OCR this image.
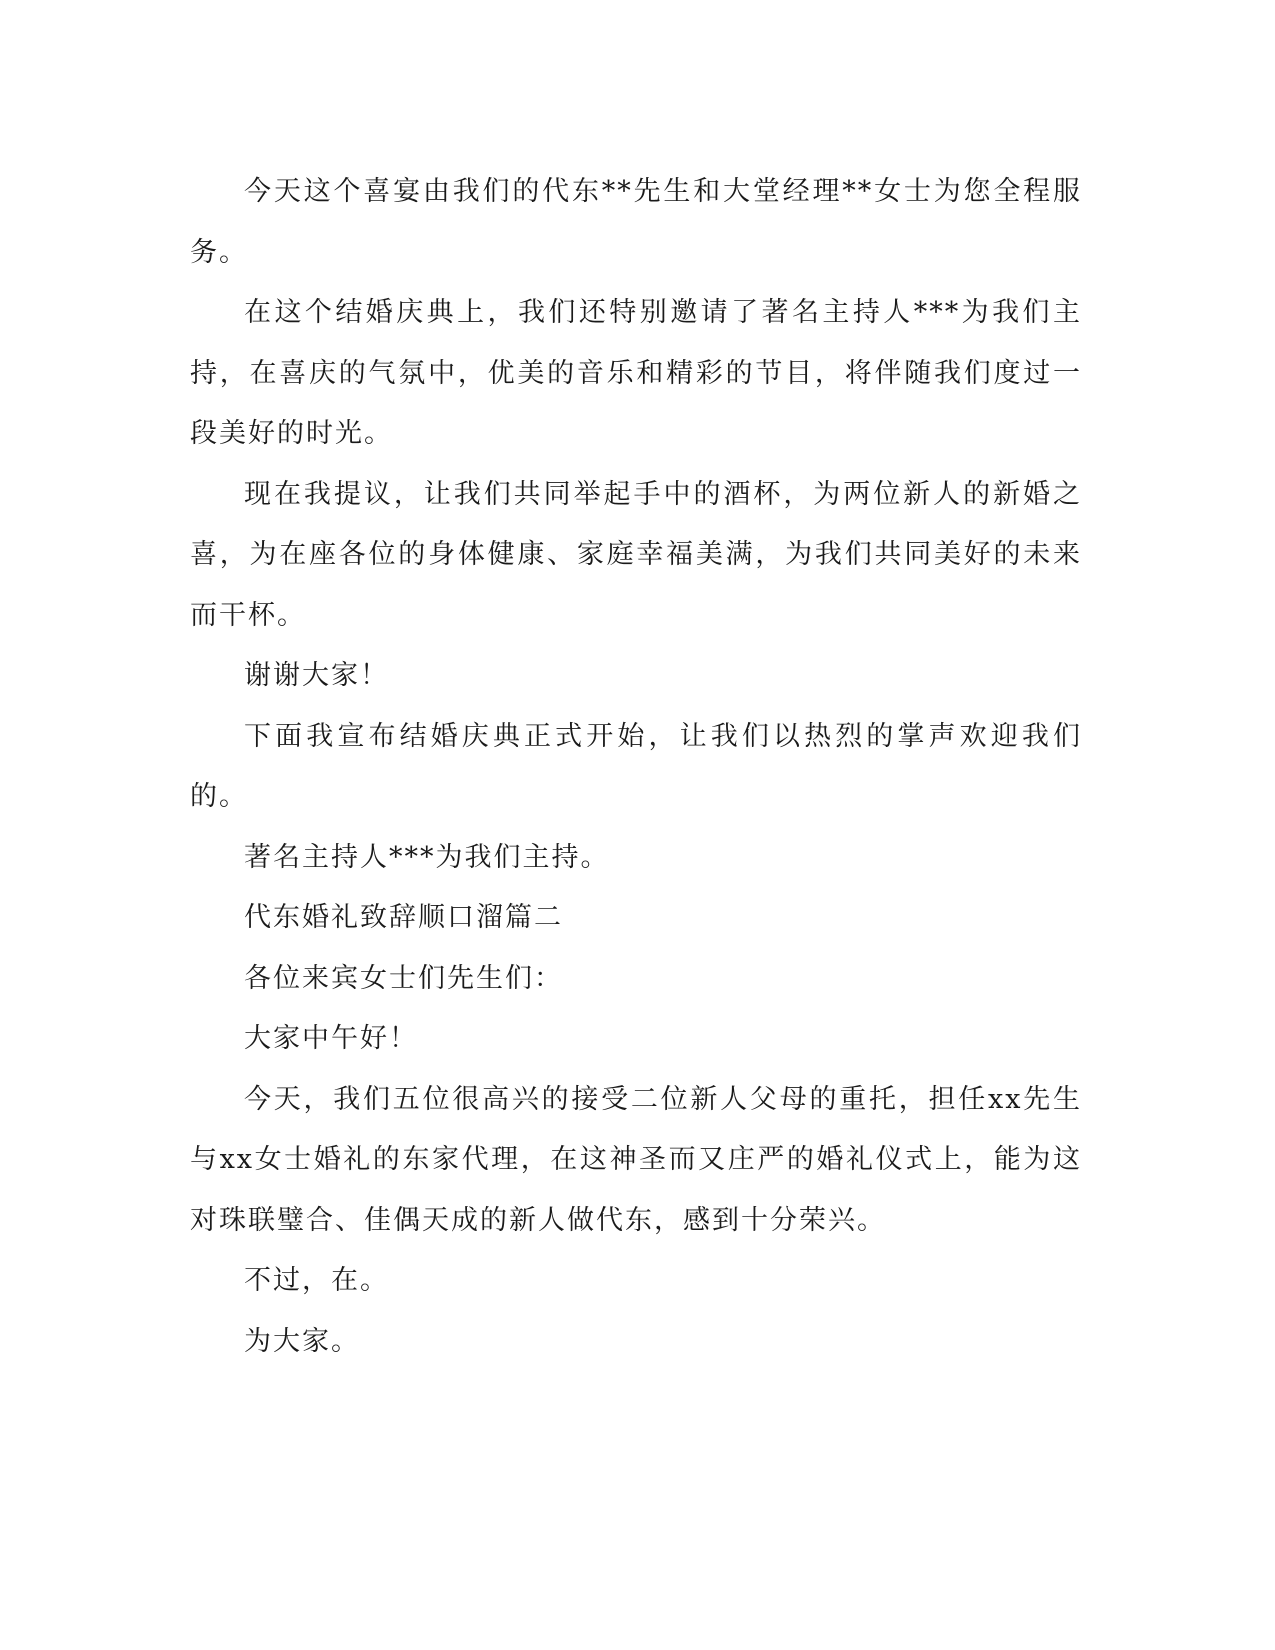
今天这个喜宴由我们的代东**先生和大堂经理**女士为您全程服务。

在这个结婚庆典上，我们还特别邀请了著名主持人***为我们主持，在喜庆的气氛中，优美的音乐和精彩的节目，将伴随我们度过一段美好的时光。

现在我提议，让我们共同举起手中的酒杯，为两位新人的新婚之喜，为在座各位的身体健康、家庭幸福美满，为我们共同美好的未来而干杯。

谢谢大家！

下面我宣布结婚庆典正式开始，让我们以热烈的掌声欢迎我们的。

著名主持人***为我们主持。

代东婚礼致辞顺口溜篇二

各位来宾女士们先生们：

大家中午好！

今天，我们五位很高兴的接受二位新人父母的重托，担任xx先生与xx女士婚礼的东家代理，在这神圣而又庄严的婚礼仪式上，能为这对珠联璧合、佳偶天成的新人做代东，感到十分荣兴。

不过，在。

为大家。
